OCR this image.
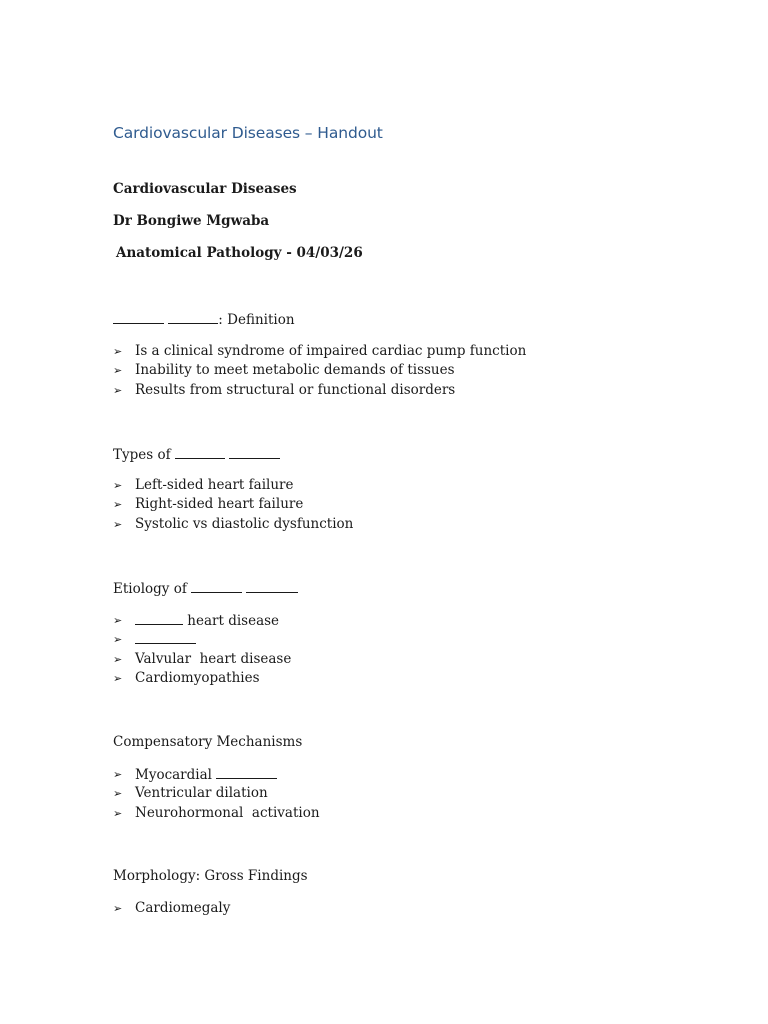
Cardiovascular Diseases – Handout
Cardiovascular Diseases
Dr Bongiwe Mgwaba
Anatomical Pathology - 04/03/26
: Definition
➢ Is a clinical syndrome of impaired cardiac pump function
➢ Inability to meet metabolic demands of tissues
➢ Results from structural or functional disorders
Types of
➢ Left-sided heart failure
➢ Right-sided heart failure
➢ Systolic vs diastolic dysfunction
Etiology of
➢	heart disease
➢
➢ Valvular  heart disease
➢ Cardiomyopathies
Compensatory Mechanisms
➢ Myocardial
➢ Ventricular dilation
➢ Neurohormonal  activation
Morphology: Gross Findings
➢ Cardiomegaly
